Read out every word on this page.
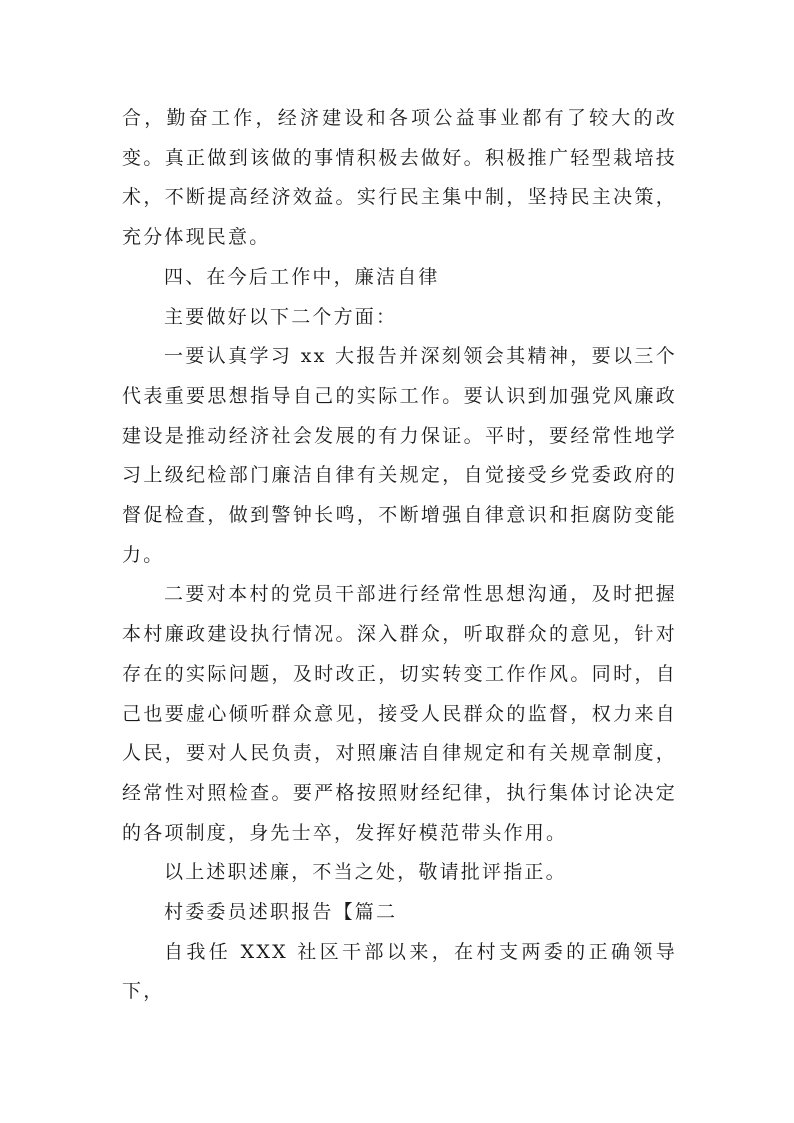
合，勤奋工作，经济建设和各项公益事业都有了较大的改变。真正做到该做的事情积极去做好。积极推广轻型栽培技术，不断提高经济效益。实行民主集中制，坚持民主决策，充分体现民意。

四、在今后工作中，廉洁自律

主要做好以下二个方面：

一要认真学习 xx 大报告并深刻领会其精神，要以三个代表重要思想指导自己的实际工作。要认识到加强党风廉政建设是推动经济社会发展的有力保证。平时，要经常性地学习上级纪检部门廉洁自律有关规定，自觉接受乡党委政府的督促检查，做到警钟长鸣，不断增强自律意识和拒腐防变能力。

二要对本村的党员干部进行经常性思想沟通，及时把握本村廉政建设执行情况。深入群众，听取群众的意见，针对存在的实际问题，及时改正，切实转变工作作风。同时，自己也要虚心倾听群众意见，接受人民群众的监督，权力来自人民，要对人民负责，对照廉洁自律规定和有关规章制度，经常性对照检查。要严格按照财经纪律，执行集体讨论决定的各项制度，身先士卒，发挥好模范带头作用。

以上述职述廉，不当之处，敬请批评指正。

村委委员述职报告【篇二

自我任 XXX 社区干部以来，在村支两委的正确领导下，
